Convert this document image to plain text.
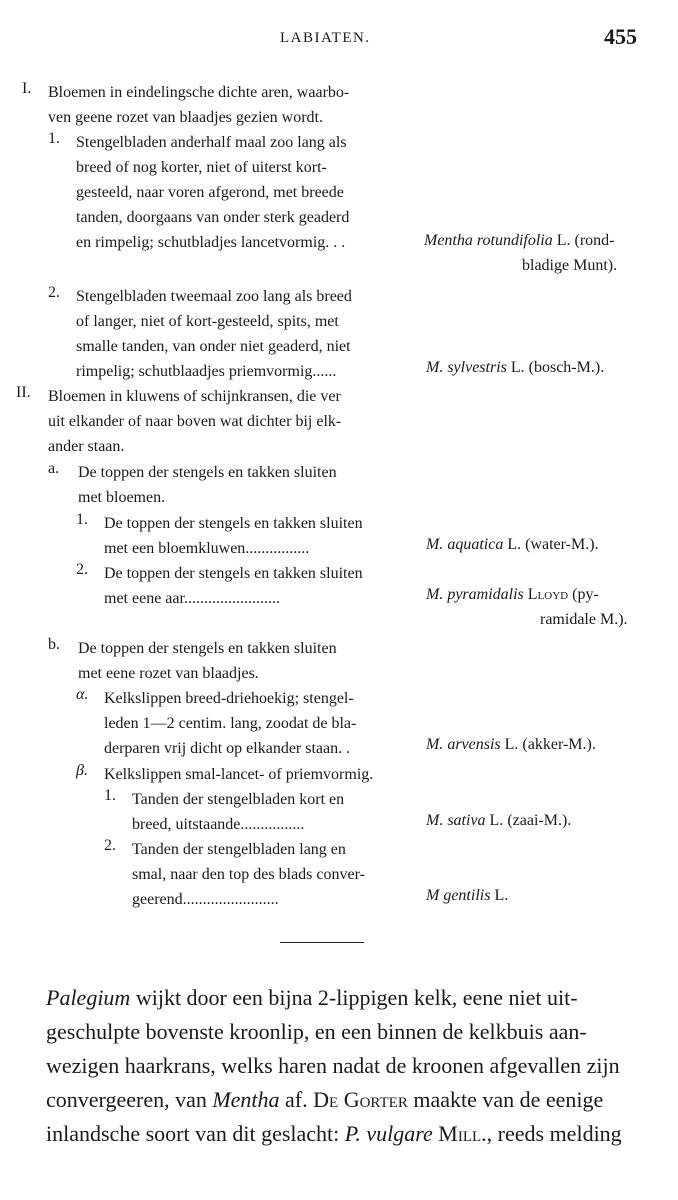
LABIATEN.	455
I. Bloemen in eindelingsche dichte aren, waarbo-
ven geene rozet van blaadjes gezien wordt.
1. Stengelbladen anderhalf maal zoo lang als
breed of nog korter, niet of uiterst kort-
gesteeld, naar voren afgerond, met breede
tanden, doorgaans van onder sterk geaderd
en rimpelig; schutbladjes lancetvormig. . .	Mentha rotundifolia L. (rond-
bladige Munt).
2. Stengelbladen tweemaal zoo lang als breed
of langer, niet of kort-gesteeld, spits, met
smalle tanden, van onder niet geaderd, niet
rimpelig; schutblaadjes priemvormig......	M. sylvestris L. (bosch-M.).
II. Bloemen in kluwens of schijnkransen, die ver
uit elkander of naar boven wat dichter bij elk-
ander staan.
a. De toppen der stengels en takken sluiten
met bloemen.
1. De toppen der stengels en takken sluiten
met een bloemkluwen................	M. aquatica L. (water-M.).
2. De toppen der stengels en takken sluiten
met eene aar........................	M. pyramidalis Lloyd (py-
ramidale M.).
b. De toppen der stengels en takken sluiten
met eene rozet van blaadjes.
α. Kelkslippen breed-driehoekig; stengel-
leden 1—2 centim. lang, zoodat de bla-
derparen vrij dicht op elkander staan. .	M. arvensis L. (akker-M.).
β. Kelkslippen smal-lancet- of priemvormig.
1. Tanden der stengelbladen kort en
breed, uitstaande................	M. sativa L. (zaai-M.).
2. Tanden der stengelbladen lang en
smal, naar den top des blads conver-
geerend........................	M gentilis L.
Palegium wijkt door een bijna 2-lippigen kelk, eene niet uit-
geschulpte bovenste kroonlip, en een binnen de kelkbuis aan-
wezigen haarkrans, welks haren nadat de kroonen afgevallen zijn
convergeeren, van Mentha af. De Gorter maakte van de eenige
inlandsche soort van dit geslacht: P. vulgare Mill., reeds melding
